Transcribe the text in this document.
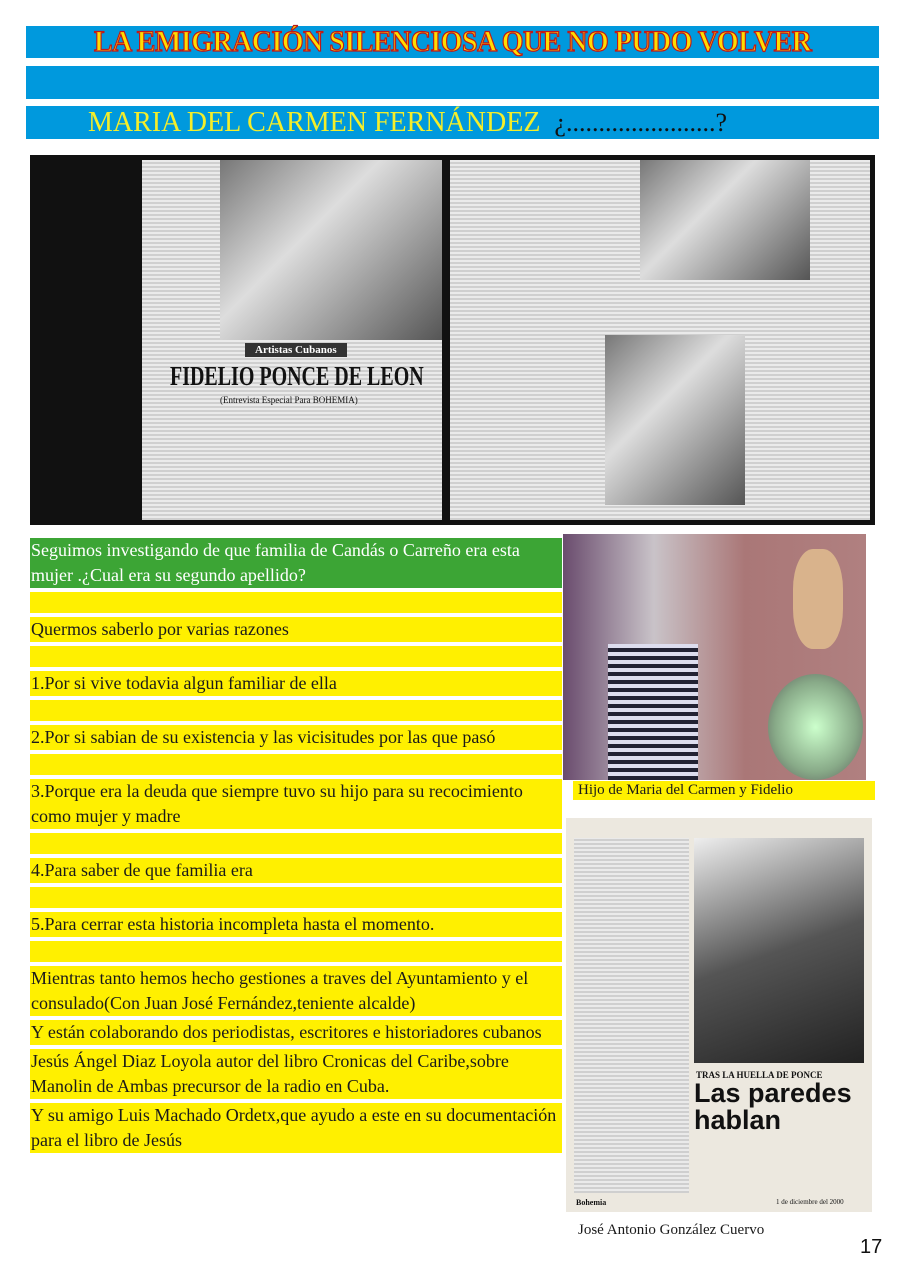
LA EMIGRACIÓN SILENCIOSA QUE NO PUDO VOLVER
MARIA DEL CARMEN FERNÁNDEZ ¿.......................?
Artistas Cubanos
FIDELIO PONCE DE LEON
(Entrevista Especial Para BOHEMIA)
Seguimos investigando de que familia de Candás o Carreño era esta mujer .¿Cual era su segundo apellido?
Quermos saberlo por varias razones
1.Por si vive todavia algun familiar de ella
2.Por si sabian de su existencia y las vicisitudes por las que pasó
3.Porque era la deuda que siempre tuvo su hijo para su recocimiento como mujer y madre
4.Para saber de que familia era
5.Para cerrar esta historia incompleta hasta el momento.
Mientras tanto hemos hecho gestiones a traves del Ayuntamiento y el consulado(Con Juan José Fernández,teniente alcalde)
Y están colaborando dos periodistas, escritores e historiadores cubanos
Jesús Ángel Diaz Loyola autor del libro Cronicas del Caribe,sobre Manolin de Ambas precursor de la radio en Cuba.
Y su amigo Luis Machado Ordetx,que ayudo a este en su documentación para el libro de Jesús
Hijo de Maria del Carmen y Fidelio
TRAS LA HUELLA DE PONCE
Las paredes hablan
Bohemia	1 de diciembre del 2000
José Antonio González Cuervo
17
